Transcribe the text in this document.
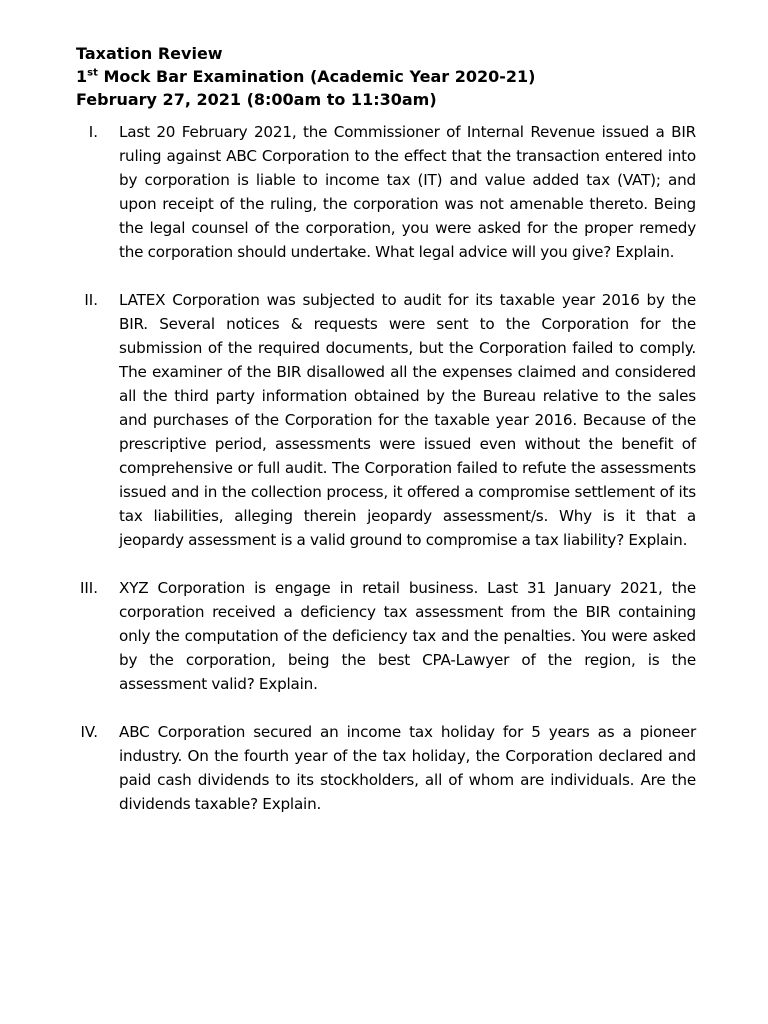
Taxation Review
1st Mock Bar Examination (Academic Year 2020-21)
February 27, 2021 (8:00am to 11:30am)
I. Last 20 February 2021, the Commissioner of Internal Revenue issued a BIR ruling against ABC Corporation to the effect that the transaction entered into by corporation is liable to income tax (IT) and value added tax (VAT); and upon receipt of the ruling, the corporation was not amenable thereto. Being the legal counsel of the corporation, you were asked for the proper remedy the corporation should undertake. What legal advice will you give? Explain.
II. LATEX Corporation was subjected to audit for its taxable year 2016 by the BIR. Several notices & requests were sent to the Corporation for the submission of the required documents, but the Corporation failed to comply. The examiner of the BIR disallowed all the expenses claimed and considered all the third party information obtained by the Bureau relative to the sales and purchases of the Corporation for the taxable year 2016. Because of the prescriptive period, assessments were issued even without the benefit of comprehensive or full audit. The Corporation failed to refute the assessments issued and in the collection process, it offered a compromise settlement of its tax liabilities, alleging therein jeopardy assessment/s. Why is it that a jeopardy assessment is a valid ground to compromise a tax liability? Explain.
III. XYZ Corporation is engage in retail business. Last 31 January 2021, the corporation received a deficiency tax assessment from the BIR containing only the computation of the deficiency tax and the penalties. You were asked by the corporation, being the best CPA-Lawyer of the region, is the assessment valid? Explain.
IV. ABC Corporation secured an income tax holiday for 5 years as a pioneer industry. On the fourth year of the tax holiday, the Corporation declared and paid cash dividends to its stockholders, all of whom are individuals. Are the dividends taxable? Explain.
